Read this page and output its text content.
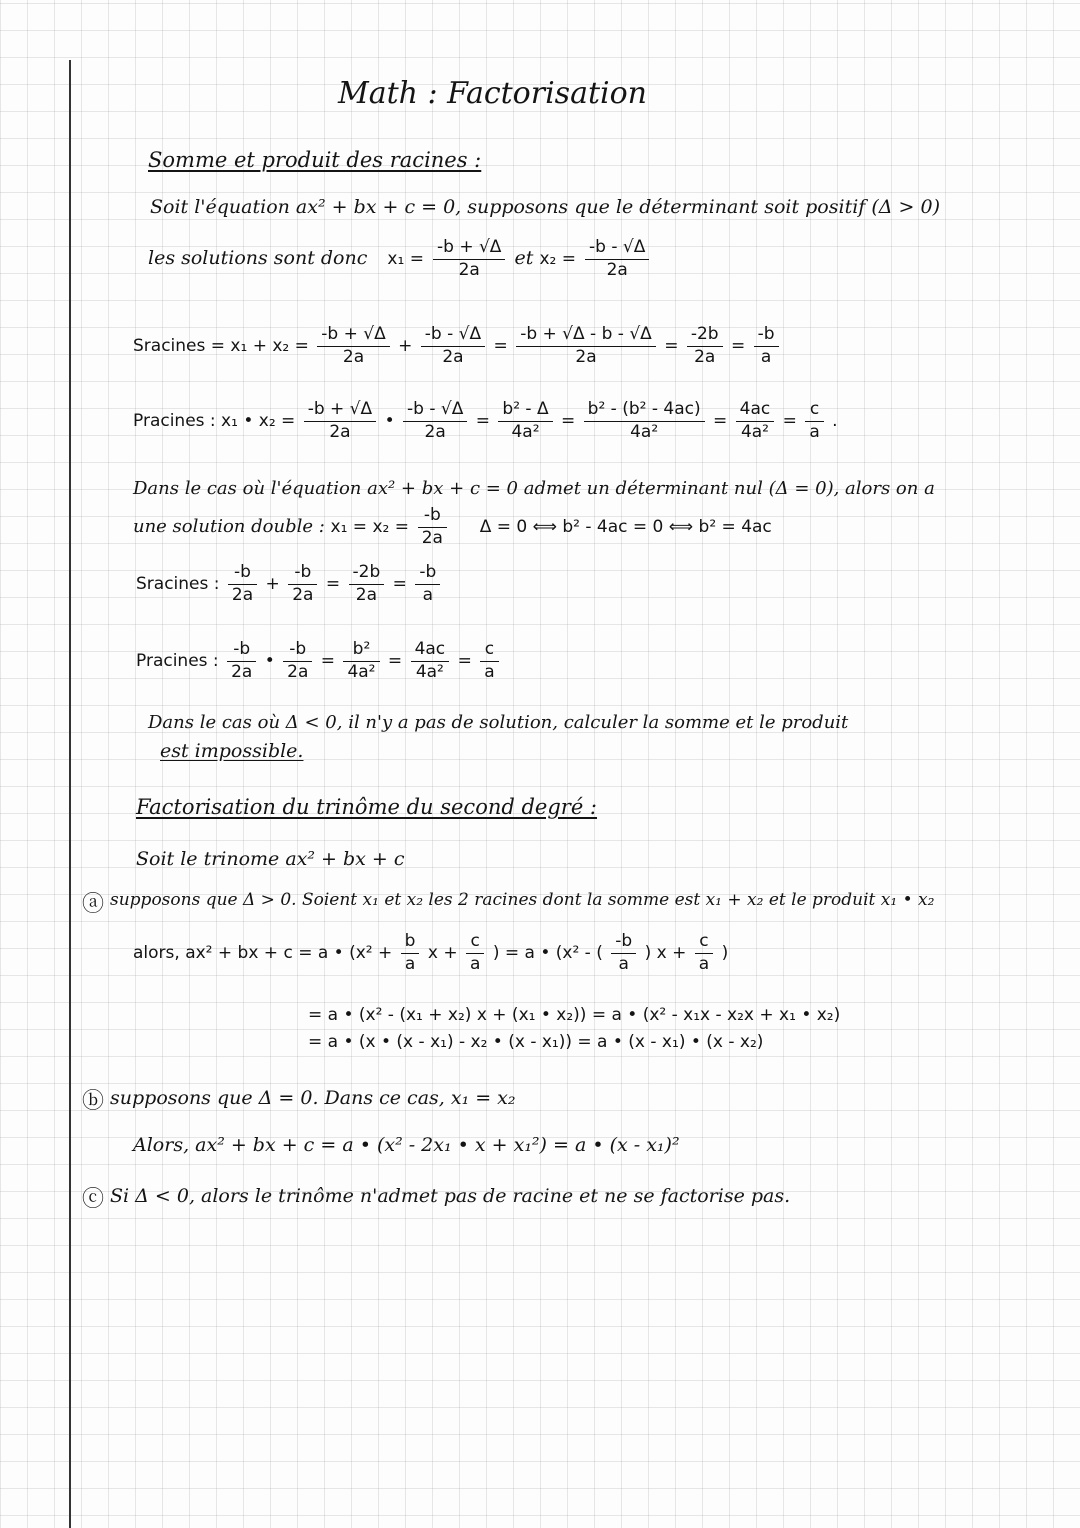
Math : Factorisation
Somme et produit des racines :
Soit l'équation ax² + bx + c = 0, supposons que le déterminant soit positif (Δ > 0)
les solutions sont donc $x_1 = \frac{-b + √\Delta}{2a}$ et $x_2 = \frac{-b - √\Delta}{2a}$
Sracines = $x_1 + x_2 = \frac{-b + √\Delta}{2a} + \frac{-b - √\Delta}{2a} = \frac{-b + √\Delta - b - √\Delta}{2a} = \frac{-2b}{2a} = \frac{-b}{a}$
Pracines : x₁ • $x_2 = \frac{-b + √\Delta}{2a}$ • $\frac{-b - √\Delta}{2a} = \frac{\text{b² - Δ}}{\text{4a²}} = \frac{\text{b² - (b² - 4ac)}}{\text{4a²}} = \frac{4ac}{\text{4a²}} = \frac{c}{a}$ .
Dans le cas où l'équation ax² + bx + c = 0 admet un déterminant nul (Δ = 0), alors on a
une solution double : $x_1 = x_2 = \frac{-b}{2a}$ Δ = 0 ⟺ b² - 4ac = 0 ⟺ b² = 4ac
Sracines : $\frac{-b}{2a} + \frac{-b}{2a} = \frac{-2b}{2a} = \frac{-b}{a}$
Pracines : $\frac{-b}{2a}$ • $\frac{-b}{2a} = \frac{\text{b²}}{\text{4a²}} = \frac{4ac}{\text{4a²}} = \frac{c}{a}$
Dans le cas où Δ < 0, il n'y a pas de solution, calculer la somme et le produit
est impossible.
Factorisation du trinôme du second degré :
Soit le trinome ax² + bx + c
ⓐ supposons que Δ > 0. Soient x₁ et x₂ les 2 racines dont la somme est x₁ + x₂ et le produit x₁ • x₂
alors, ax² + bx + c = a • ($x^2 + \frac{b}{a}$ $x + \frac{c}{a}$ ) = a • (x² - ( $\frac{-b}{a}$ ) $x + \frac{c}{a}$ )
= a • (x² - (x₁ + x₂) x + (x₁ • x₂)) = a • (x² - x₁x - x₂x + x₁ • x₂)
= a • (x • (x - x₁) - x₂ • (x - x₁)) = a • (x - x₁) • (x - x₂)
ⓑ supposons que Δ = 0. Dans ce cas, x₁ = x₂
Alors, ax² + bx + c = a • (x² - 2x₁ • x + x₁²) = a • (x - x₁)²
ⓒ Si Δ < 0, alors le trinôme n'admet pas de racine et ne se factorise pas.
